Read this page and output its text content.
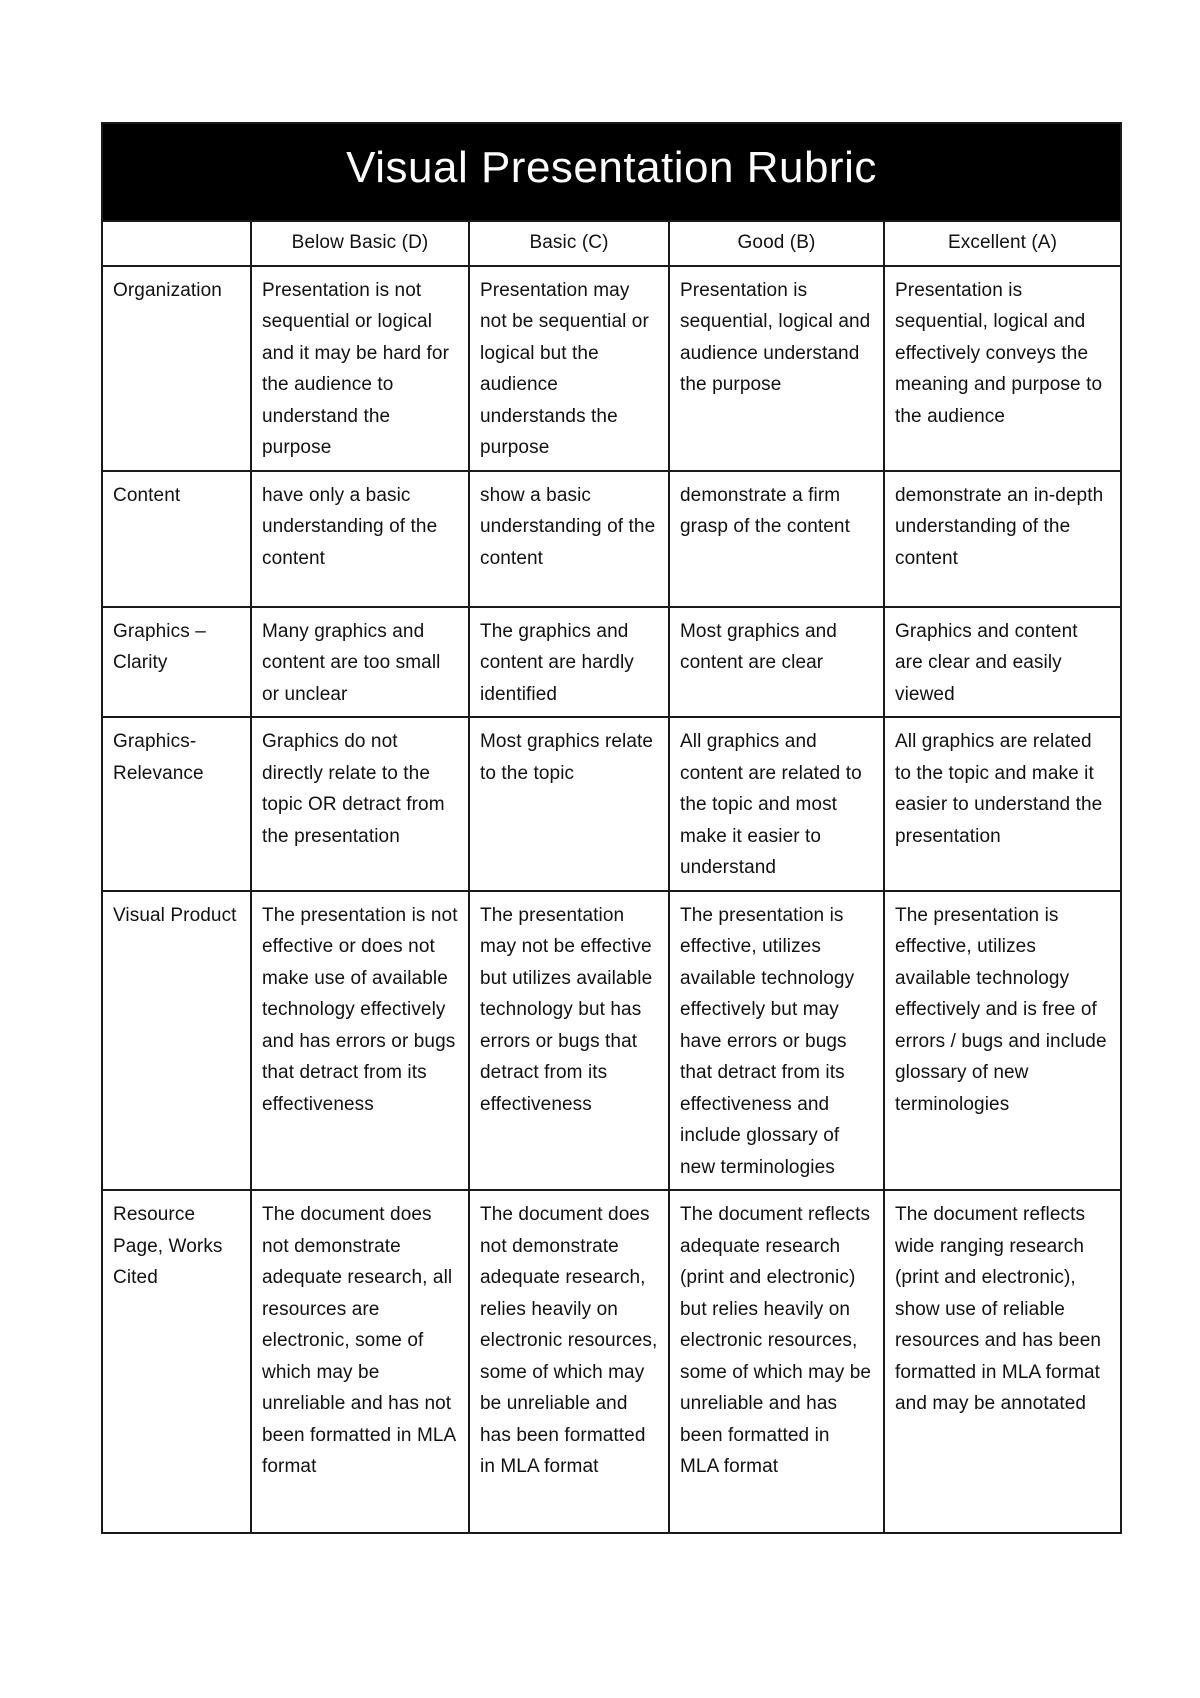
Visual Presentation Rubric				
	Below Basic (D)	Basic (C)	Good (B)	Excellent (A)
Organization	Presentation is not sequential or logical and it may be hard for the audience to understand the purpose	Presentation may not be sequential or logical but the audience understands the purpose	Presentation is sequential, logical and audience understand the purpose	Presentation is sequential, logical and effectively conveys the meaning and purpose to the audience
Content	have only a basic understanding of the content	show a basic understanding of the content	demonstrate a firm grasp of the content	demonstrate an in-depth understanding of the content
Graphics – Clarity	Many graphics and content are too small or unclear	The graphics and content are hardly identified	Most graphics and content are clear	Graphics and content are clear and easily viewed
Graphics-Relevance	Graphics do not directly relate to the topic OR detract from the presentation	Most graphics relate to the topic	All graphics and content are related to the topic and most make it easier to understand	All graphics are related to the topic and make it easier to understand the presentation
Visual Product	The presentation is not effective or does not make use of available technology effectively and has errors or bugs that detract from its effectiveness	The presentation may not be effective but utilizes available technology but has errors or bugs that detract from its effectiveness	The presentation is effective, utilizes available technology effectively but may have errors or bugs that detract from its effectiveness and include glossary of new terminologies	The presentation is effective, utilizes available technology effectively and is free of errors / bugs and include glossary of new terminologies
Resource Page, Works Cited	The document does not demonstrate adequate research, all resources are electronic, some of which may be unreliable and has not been formatted in MLA format	The document does not demonstrate adequate research, relies heavily on electronic resources, some of which may be unreliable and has been formatted in MLA format	The document reflects adequate research (print and electronic) but relies heavily on electronic resources, some of which may be unreliable and has been formatted in MLA format	The document reflects wide ranging research (print and electronic), show use of reliable resources and has been formatted in MLA format and may be annotated
